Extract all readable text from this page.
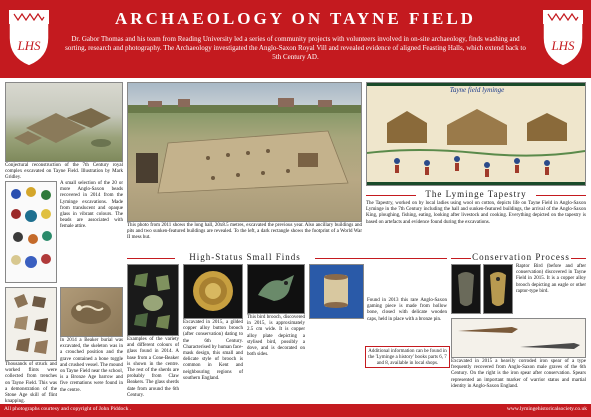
LHS	LHS
ARCHAEOLOGY ON TAYNE FIELD
Dr. Gabor Thomas and his team from Reading University led a series of community projects with volunteers involved in on-site archaeology, finds washing and sorting, research and photography. The Archaeology investigated the Anglo-Saxon Royal Vill and revealed evidence of aligned Feasting Halls, which extend back to 5th Century AD.
Conjectural reconstruction of the 7th Century royal complex excavated on Tayne Field. Illustration by Mark Gridley.
A small selection of the 20 or more Anglo-Saxon beads recovered in 2014 from the Lyminge excavations. Made from translucent and opaque glass in vibrant colours. The beads are associated with female attire.
Thousands of struck and worked flints were collected from trenches on Tayne Field. This was a demonstration of the Stone Age skill of flint knapping.
In 2014 a Beaker burial was excavated, the skeleton was in a crouched position and the grave contained a bone toggle and crushed vessel. The mound on Tayne Field near the school, is a Bronze Age barrow and five cremations were found in the centre.
This photo from 2011 shows the long hall, 20x8.5 metres, excavated the previous year. Also ancillary buildings and pits and two sunken-featured buildings are revealed. To the left, a dark rectangle shows the footprint of a World War II mess hut.
High-Status Small Finds
Examples of the variety and different colours of glass found in 2014. A base from a Cone-Beaker is shown in the centre. The rest of the sherds are probably from Claw Beakers. The glass sherds date from around the 6th Century.
Excavated in 2015, a gilded copper alloy button brooch (after conservation) dating to the 6th Century. Characterised by human face-mask design, this small and delicate style of brooch is common in Kent and neighbouring regions of southern England.
This bird brooch, discovered in 2015, is approximately 2.5 cm wide. It is copper alloy plate depicting a stylised bird, possibly a dove, and is decorated on both sides.
Found in 2013 this rare Anglo-Saxon gaming piece is made from hollow bone, closed with delicate wooden caps, held in place with a bronze pin.
Additional information can be found in the 'Lyminge a history' books parts 6, 7 and 8, available in local shops.
Tayne field lyminge
The Lyminge Tapestry
The Tapestry, worked on by local ladies using wool on cotton, depicts life on Tayne Field in Anglo-Saxon Lyminge in the 7th Century including the hall and sunken-featured buildings, the arrival of the Anglo-Saxon King, ploughing, fishing, eating, looking after livestock and cooking. Everything depicted on the tapestry is based on artefacts and evidence found during the excavations.
Conservation Process
Raptor Bird (before and after conservation) discovered in Tayne Field in 2015. It is a copper alloy brooch depicting an eagle or other raptor-type bird.
Excavated in 2015 a heavily corroded iron spear of a type frequently recovered from Anglo-Saxon male graves of the 6th Century. On the right is the iron spear after conservation. Spears represented an important marker of warrior status and martial identity in Anglo-Saxon England.
All photographs courtesy and copyright of John Piddock .	www.lymingehistoricalsociety.co.uk
